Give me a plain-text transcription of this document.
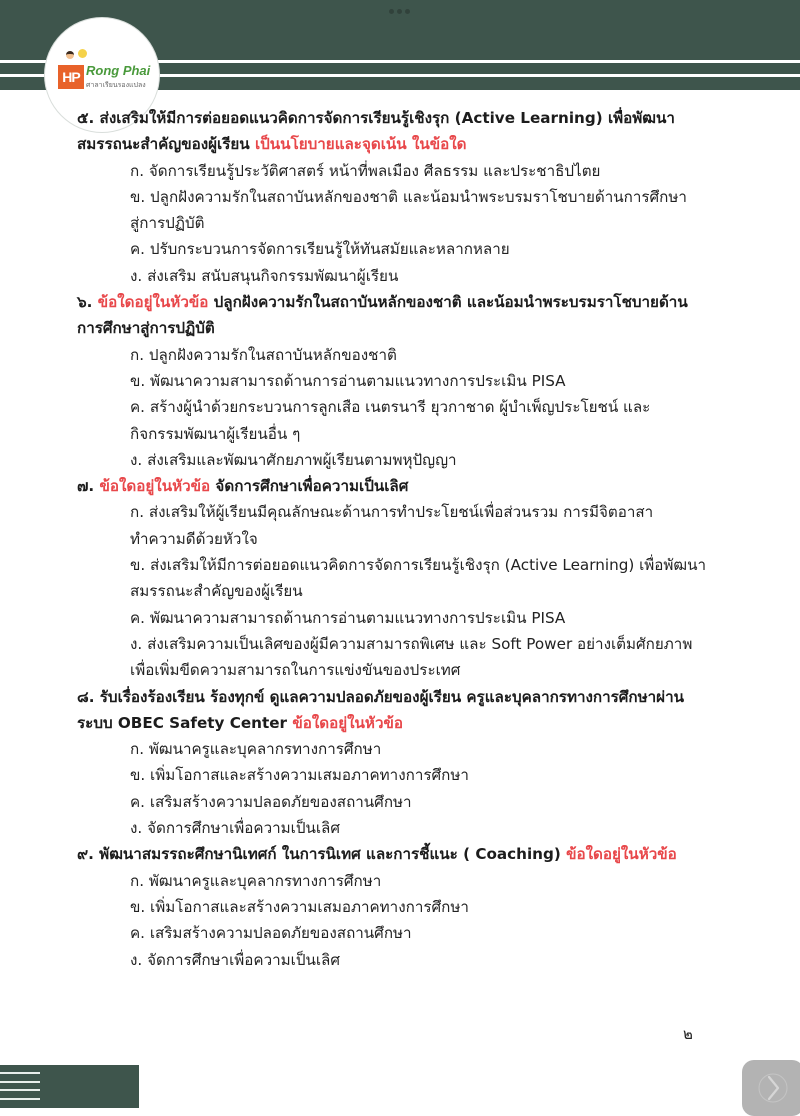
HP Rong Phai
ศาลาเรียนรองแปลง
๕. ส่งเสริมให้มีการต่อยอดแนวคิดการจัดการเรียนรู้เชิงรุก (Active Learning) เพื่อพัฒนา
สมรรถนะสำคัญของผู้เรียน เป็นนโยบายและจุดเน้น ในข้อใด
ก. จัดการเรียนรู้ประวัติศาสตร์ หน้าที่พลเมือง ศีลธรรม และประชาธิปไตย
ข. ปลูกฝังความรักในสถาบันหลักของชาติ และน้อมนำพระบรมราโชบายด้านการศึกษา
สู่การปฏิบัติ
ค. ปรับกระบวนการจัดการเรียนรู้ให้ทันสมัยและหลากหลาย
ง. ส่งเสริม สนับสนุนกิจกรรมพัฒนาผู้เรียน
๖. ข้อใดอยู่ในหัวข้อ ปลูกฝังความรักในสถาบันหลักของชาติ และน้อมนำพระบรมราโชบายด้าน
การศึกษาสู่การปฏิบัติ
ก. ปลูกฝังความรักในสถาบันหลักของชาติ
ข. พัฒนาความสามารถด้านการอ่านตามแนวทางการประเมิน PISA
ค. สร้างผู้นำด้วยกระบวนการลูกเสือ เนตรนารี ยุวกาชาด ผู้บำเพ็ญประโยชน์ และ
กิจกรรมพัฒนาผู้เรียนอื่น ๆ
ง. ส่งเสริมและพัฒนาศักยภาพผู้เรียนตามพหุปัญญา
๗. ข้อใดอยู่ในหัวข้อ จัดการศึกษาเพื่อความเป็นเลิศ
ก. ส่งเสริมให้ผู้เรียนมีคุณลักษณะด้านการทำประโยชน์เพื่อส่วนรวม การมีจิตอาสา
ทำความดีด้วยหัวใจ
ข. ส่งเสริมให้มีการต่อยอดแนวคิดการจัดการเรียนรู้เชิงรุก (Active Learning) เพื่อพัฒนา
สมรรถนะสำคัญของผู้เรียน
ค. พัฒนาความสามารถด้านการอ่านตามแนวทางการประเมิน PISA
ง. ส่งเสริมความเป็นเลิศของผู้มีความสามารถพิเศษ และ Soft Power อย่างเต็มศักยภาพ
เพื่อเพิ่มขีดความสามารถในการแข่งขันของประเทศ
๘. รับเรื่องร้องเรียน ร้องทุกข์ ดูแลความปลอดภัยของผู้เรียน ครูและบุคลากรทางการศึกษาผ่าน
ระบบ OBEC Safety Center ข้อใดอยู่ในหัวข้อ
ก. พัฒนาครูและบุคลากรทางการศึกษา
ข. เพิ่มโอกาสและสร้างความเสมอภาคทางการศึกษา
ค. เสริมสร้างความปลอดภัยของสถานศึกษา
ง. จัดการศึกษาเพื่อความเป็นเลิศ
๙. พัฒนาสมรรถะศึกษานิเทศก์ ในการนิเทศ และการชี้แนะ ( Coaching) ข้อใดอยู่ในหัวข้อ
ก. พัฒนาครูและบุคลากรทางการศึกษา
ข. เพิ่มโอกาสและสร้างความเสมอภาคทางการศึกษา
ค. เสริมสร้างความปลอดภัยของสถานศึกษา
ง. จัดการศึกษาเพื่อความเป็นเลิศ
๒
